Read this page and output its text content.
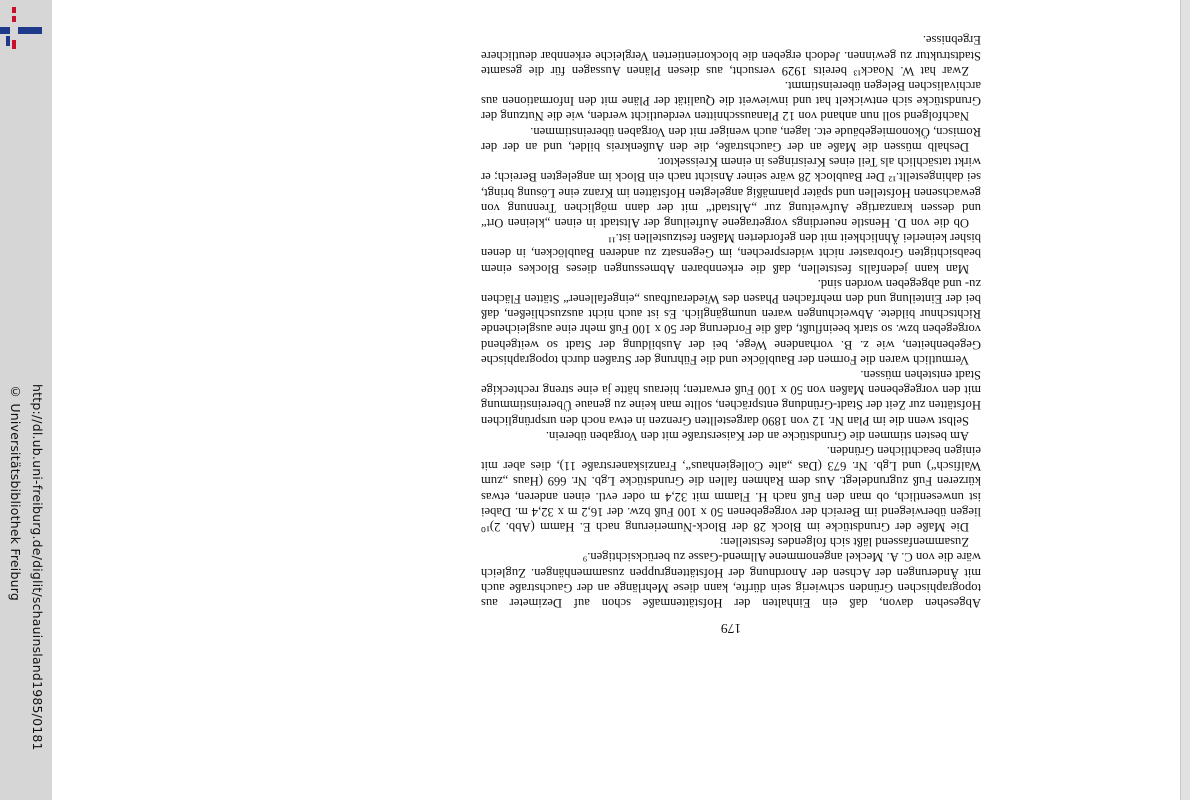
http://dl.ub.uni-freiburg.de/diglit/schauinsland1985/0181
© Universitätsbibliothek Freiburg
179

Abgesehen davon, daß ein Einhalten der Hofstättenmaße schon auf Dezimeter aus topographischen Gründen schwierig sein dürfte, kann diese Mehrlänge an der Gauchstraße auch mit Änderungen der Achsen der Anordnung der Hofstättengruppen zusammenhängen. Zugleich wäre die von C. A. Meckel angenommene Allmend-Gasse zu berücksichtigen.⁹

Zusammenfassend läßt sich folgendes feststellen:

Die Maße der Grundstücke im Block 28 der Block-Numerierung nach E. Hamm (Abb. 2)¹⁰ liegen überwiegend im Bereich der vorgegebenen 50 x 100 Fuß bzw. der 16,2 m x 32,4 m. Dabei ist unwesentlich, ob man den Fuß nach H. Flamm mit 32,4 m oder evtl. einen anderen, etwas kürzeren Fuß zugrundelegt. Aus dem Rahmen fallen die Grundstücke Lgb. Nr. 669 (Haus „zum Walfisch“) und Lgb. Nr. 673 (Das „alte Collegienhaus“, Franziskanerstraße 11), dies aber mit einigen beachtlichen Gründen.

Am besten stimmen die Grundstücke an der Kaiserstraße mit den Vorgaben überein.

Selbst wenn die im Plan Nr. 12 von 1890 dargestellten Grenzen in etwa noch den ursprünglichen Hofstätten zur Zeit der Stadt-Gründung entsprächen, sollte man keine zu genaue Übereinstimmung mit den vorgegebenen Maßen von 50 x 100 Fuß erwarten; hieraus hätte ja eine streng rechteckige Stadt entstehen müssen.

Vermutlich waren die Formen der Baublöcke und die Führung der Straßen durch topographische Gegebenheiten, wie z. B. vorhandene Wege, bei der Ausbildung der Stadt so weitgehend vorgegeben bzw. so stark beeinflußt, daß die Forderung der 50 x 100 Fuß mehr eine ausgleichende Richtschnur bildete. Abweichungen waren unumgänglich. Es ist auch nicht auszuschließen, daß bei der Einteilung und den mehrfachen Phasen des Wiederaufbaus „eingefallener“ Stätten Flächen zu- und abgegeben worden sind.

Man kann jedenfalls feststellen, daß die erkennbaren Abmessungen dieses Blockes einem beabsichtigten Grobraster nicht widersprechen, im Gegensatz zu anderen Baublöcken, in denen bisher keinerlei Ähnlichkeit mit den geforderten Maßen festzustellen ist.¹¹

Ob die von D. Henstle neuerdings vorgetragene Aufteilung der Altstadt in einen „kleinen Ort“ und dessen kranzartige Aufweitung zur „Altstadt“ mit der dann möglichen Trennung von gewachsenen Hofstellen und später planmäßig angelegten Hofstätten im Kranz eine Lösung bringt, sei dahingestellt.¹² Der Baublock 28 wäre seiner Ansicht nach ein Block im angelegten Bereich; er wirkt tatsächlich als Teil eines Kreisringes in einem Kreissektor.

Deshalb müssen die Maße an der Gauchstraße, die den Außenkreis bildet, und an der der Romiscn, Ökonomiegebäude etc. lagen, auch weniger mit den Vorgaben übereinstimmen.

Nachfolgend soll nun anhand von 12 Planausschnitten verdeutlicht werden, wie die Nutzung der Grundstücke sich entwickelt hat und inwieweit die Qualität der Pläne mit den Informationen aus archivalischen Belegen übereinstimmt.

Zwar hat W. Noack¹³ bereits 1929 versucht, aus diesen Plänen Aussagen für die gesamte Stadtstruktur zu gewinnen. Jedoch ergeben die blockorientierten Vergleiche erkennbar deutlichere Ergebnisse.
